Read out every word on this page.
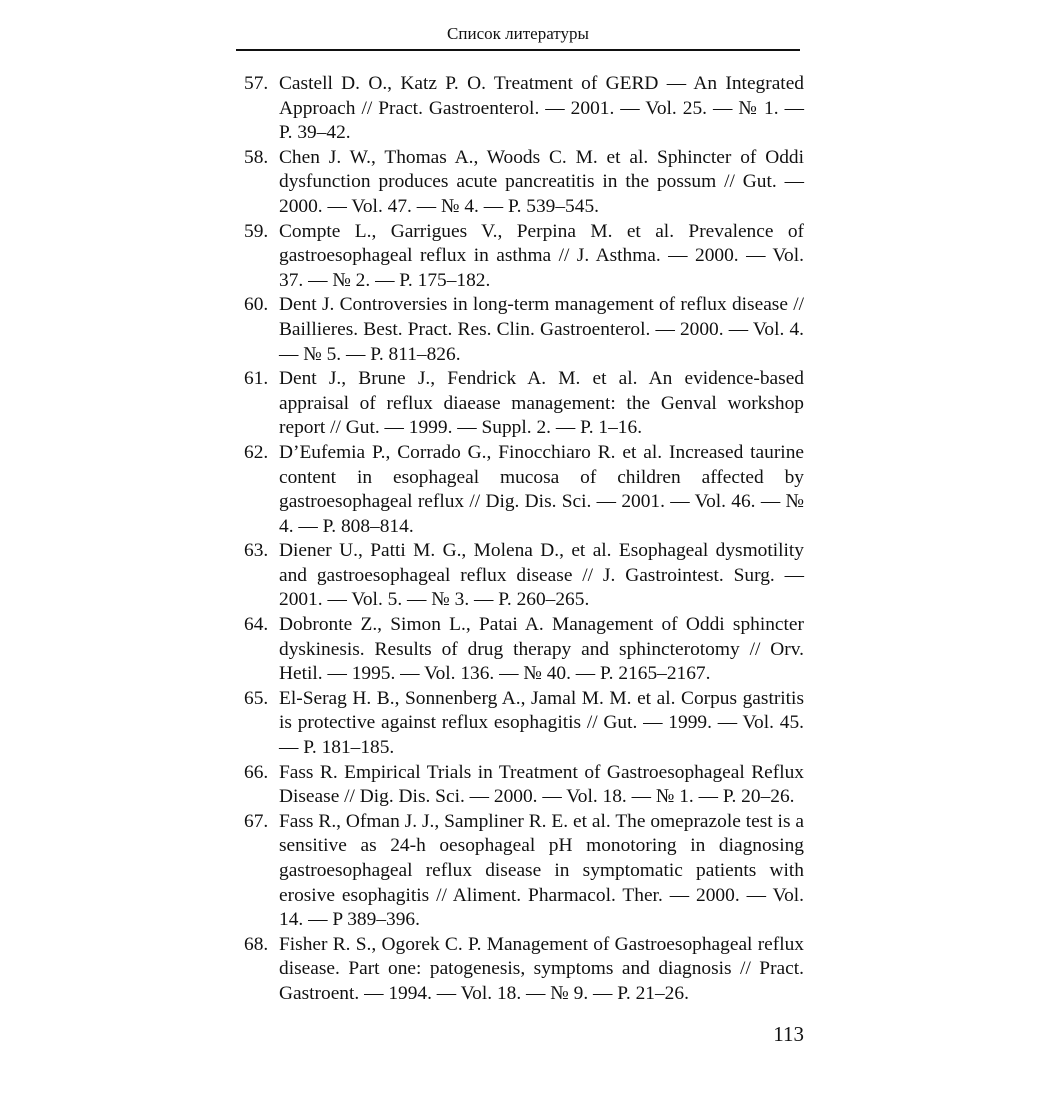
Список литературы
57. Castell D. O., Katz P. O. Treatment of GERD — An Integrated Approach // Pract. Gastroenterol. — 2001. — Vol. 25. — № 1. — P. 39–42.
58. Chen J. W., Thomas A., Woods C. M. et al. Sphincter of Oddi dysfunction produces acute pancreatitis in the possum // Gut. — 2000. — Vol. 47. — № 4. — P. 539–545.
59. Compte L., Garrigues V., Perpina M. et al. Prevalence of gastroesophageal reflux in asthma // J. Asthma. — 2000. — Vol. 37. — № 2. — P. 175–182.
60. Dent J. Controversies in long-term management of reflux disease // Baillieres. Best. Pract. Res. Clin. Gastroenterol. — 2000. — Vol. 4. — № 5. — P. 811–826.
61. Dent J., Brune J., Fendrick A. M. et al. An evidence-based appraisal of reflux diaease management: the Genval workshop report // Gut. — 1999. — Suppl. 2. — P. 1–16.
62. D’Eufemia P., Corrado G., Finocchiaro R. et al. Increased taurine content in esophageal mucosa of children affected by gastroesophageal reflux // Dig. Dis. Sci. — 2001. — Vol. 46. — № 4. — P. 808–814.
63. Diener U., Patti M. G., Molena D., et al. Esophageal dysmotility and gastroesophageal reflux disease // J. Gastrointest. Surg. — 2001. — Vol. 5. — № 3. — P. 260–265.
64. Dobronte Z., Simon L., Patai A. Management of Oddi sphincter dyskinesis. Results of drug therapy and sphincterotomy // Orv. Hetil. — 1995. — Vol. 136. — № 40. — P. 2165–2167.
65. El-Serag H. B., Sonnenberg A., Jamal M. M. et al. Corpus gastritis is protective against reflux esophagitis // Gut. — 1999. — Vol. 45. — P. 181–185.
66. Fass R. Empirical Trials in Treatment of Gastroesophageal Reflux Disease // Dig. Dis. Sci. — 2000. — Vol. 18. — № 1. — P. 20–26.
67. Fass R., Ofman J. J., Sampliner R. E. et al. The omeprazole test is a sensitive as 24-h oesophageal pH monotoring in diagnosing gastroesophageal reflux disease in symptomatic patients with erosive esophagitis // Aliment. Pharmacol. Ther. — 2000. — Vol. 14. — P 389–396.
68. Fisher R. S., Ogorek C. P. Management of Gastroesophageal reflux disease. Part one: patogenesis, symptoms and diagnosis // Pract. Gastroent. — 1994. — Vol. 18. — № 9. — P. 21–26.
113
